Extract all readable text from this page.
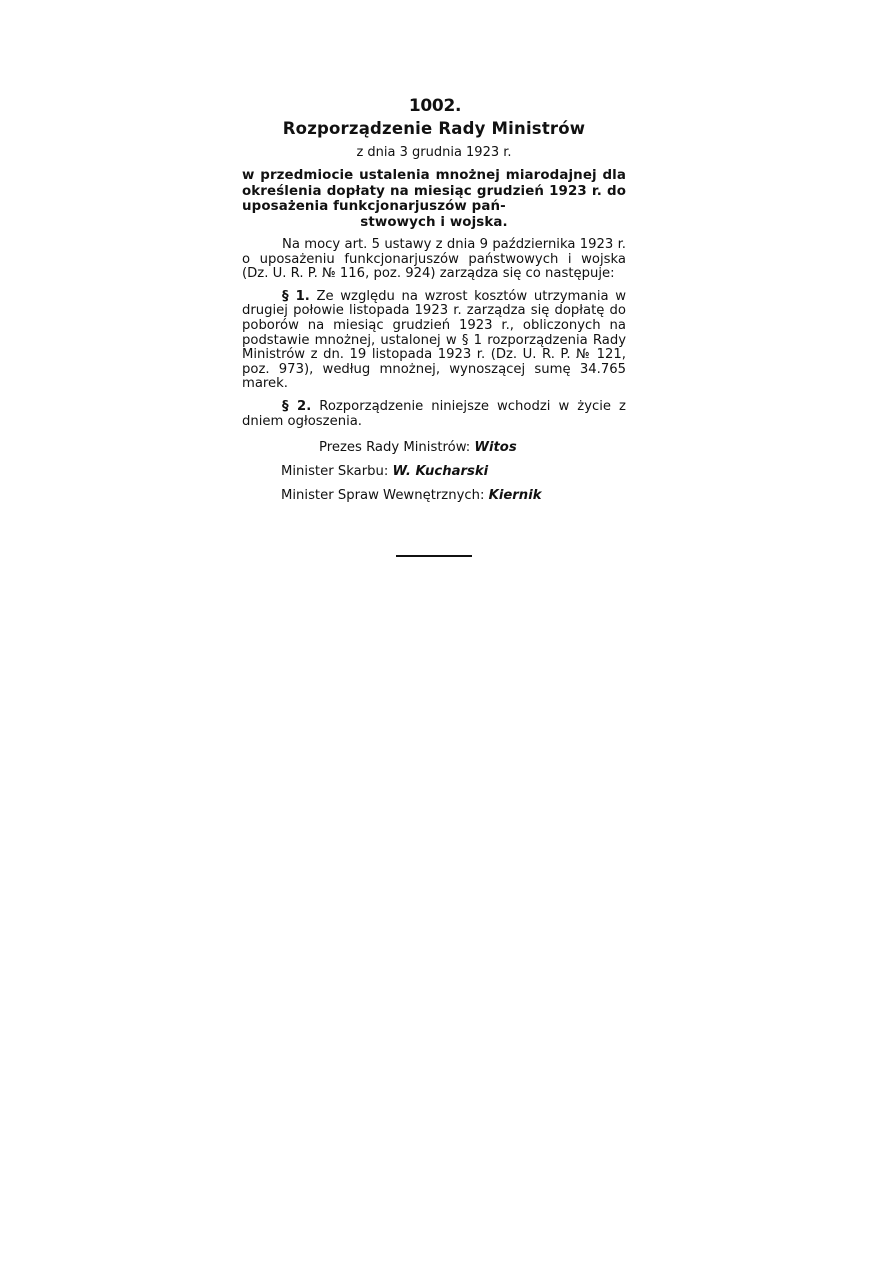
1002.

Rozporządzenie Rady Ministrów

z dnia 3 grudnia 1923 r.

w przedmiocie ustalenia mnożnej miarodajnej dla określenia dopłaty na miesiąc grudzień 1923 r. do uposażenia funkcjonarjuszów pań-
stwowych i wojska.

Na mocy art. 5 ustawy z dnia 9 października 1923 r. o uposażeniu funkcjonarjuszów państwowych i wojska (Dz. U. R. P. № 116, poz. 924) zarządza się co następuje:

§ 1. Ze względu na wzrost kosztów utrzymania w drugiej połowie listopada 1923 r. zarządza się dopłatę do poborów na miesiąc grudzień 1923 r., obliczonych na podstawie mnożnej, ustalonej w § 1 rozporządzenia Rady Ministrów z dn. 19 listopada 1923 r. (Dz. U. R. P. № 121, poz. 973), według mnożnej, wynoszącej sumę 34.765 marek.

§ 2. Rozporządzenie niniejsze wchodzi w życie z dniem ogłoszenia.

Prezes Rady Ministrów: Witos

Minister Skarbu: W. Kucharski

Minister Spraw Wewnętrznych: Kiernik
